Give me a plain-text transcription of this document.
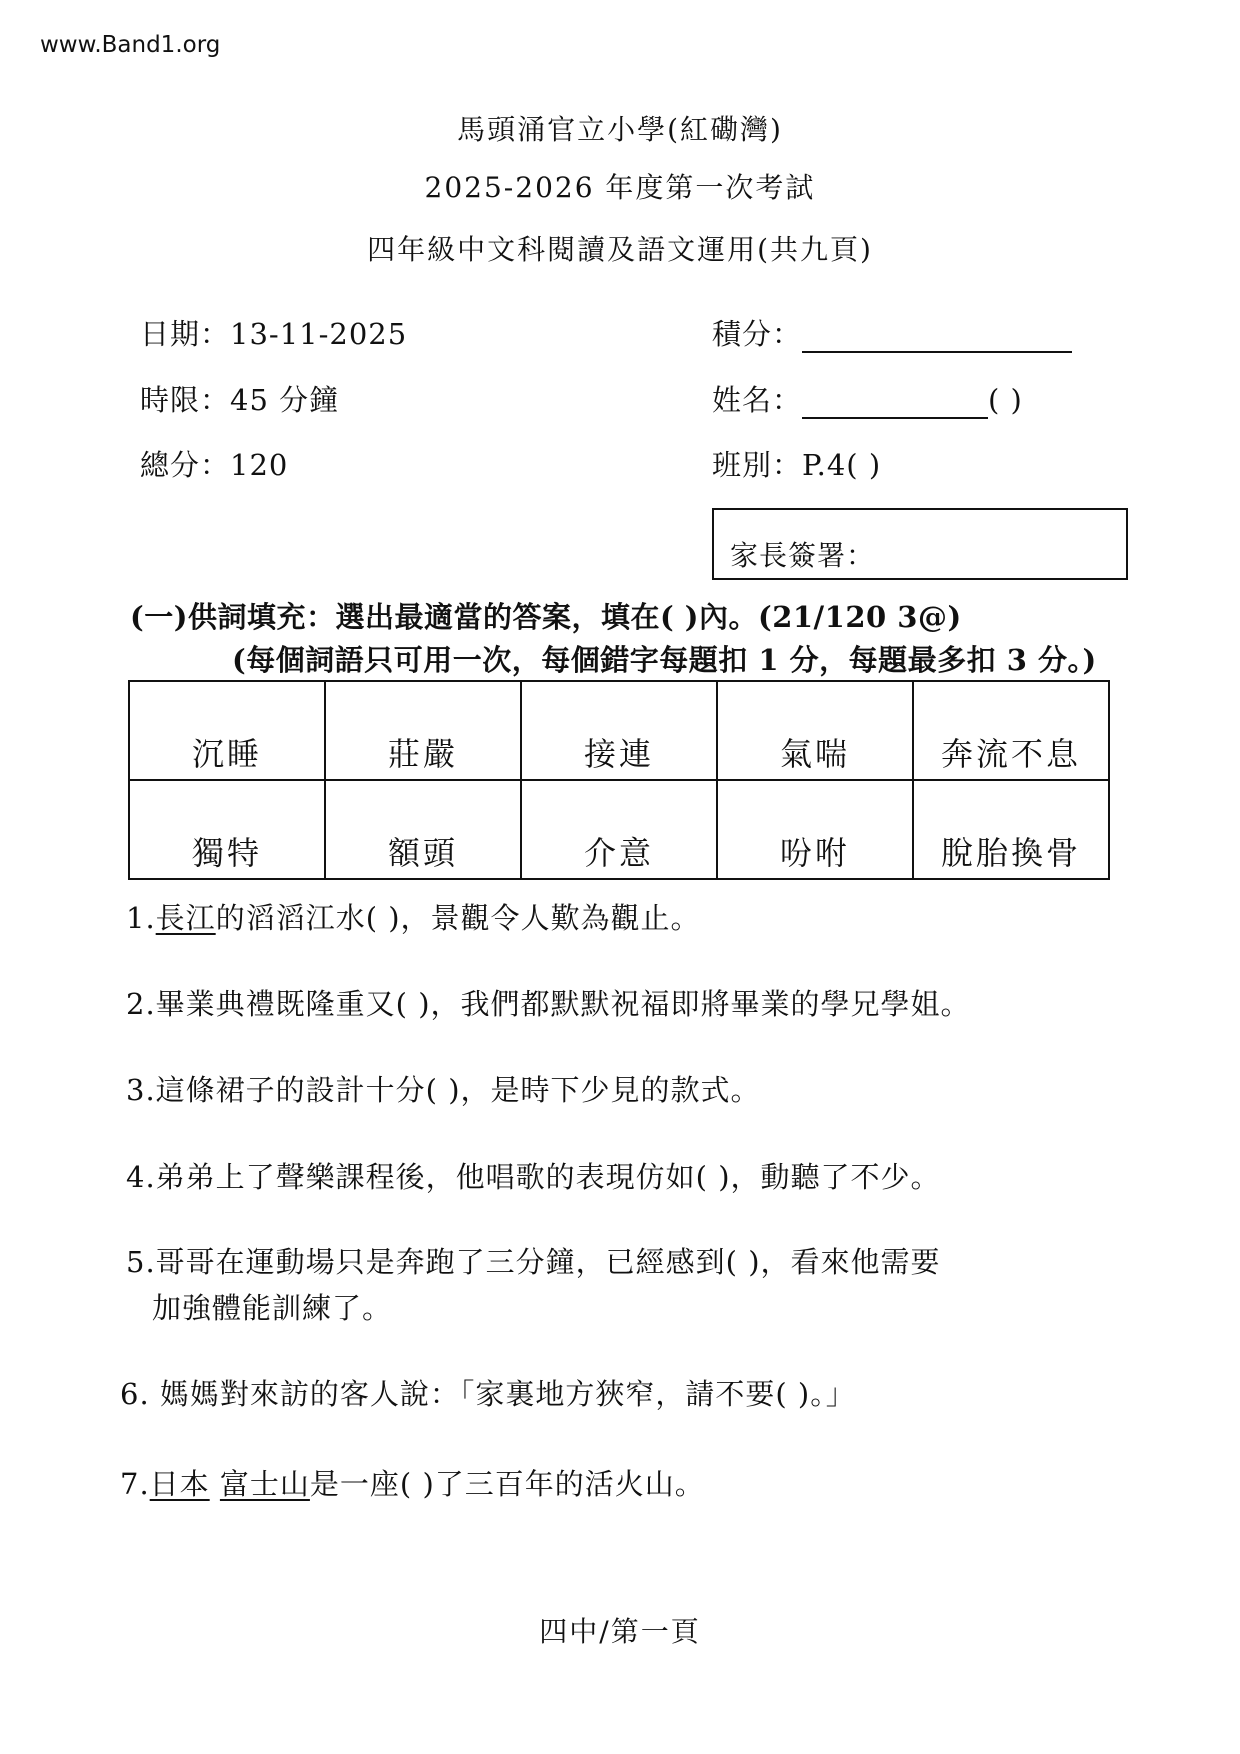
www.Band1.org
馬頭涌官立小學(紅磡灣)
2025-2026 年度第一次考試
四年級中文科閱讀及語文運用(共九頁)
日期：13-11-2025
時限：45 分鐘
總分：120
積分：
姓名：	( )
班別：P.4( )
家長簽署：
(一)供詞填充：選出最適當的答案，填在( )內。(21/120 3@)
(每個詞語只可用一次，每個錯字每題扣 1 分，每題最多扣 3 分。)
沉睡	莊嚴	接連	氣喘	奔流不息
獨特	額頭	介意	吩咐	脫胎換骨
1.長江的滔滔江水( )，景觀令人歎為觀止。
2.畢業典禮既隆重又( )，我們都默默祝福即將畢業的學兄學姐。
3.這條裙子的設計十分( )，是時下少見的款式。
4.弟弟上了聲樂課程後，他唱歌的表現仿如( )，動聽了不少。
5.哥哥在運動場只是奔跑了三分鐘，已經感到( )，看來他需要
加強體能訓練了。
6. 媽媽對來訪的客人說：「家裏地方狹窄，請不要( )。」
7.日本 富士山是一座( )了三百年的活火山。
四中/第一頁
